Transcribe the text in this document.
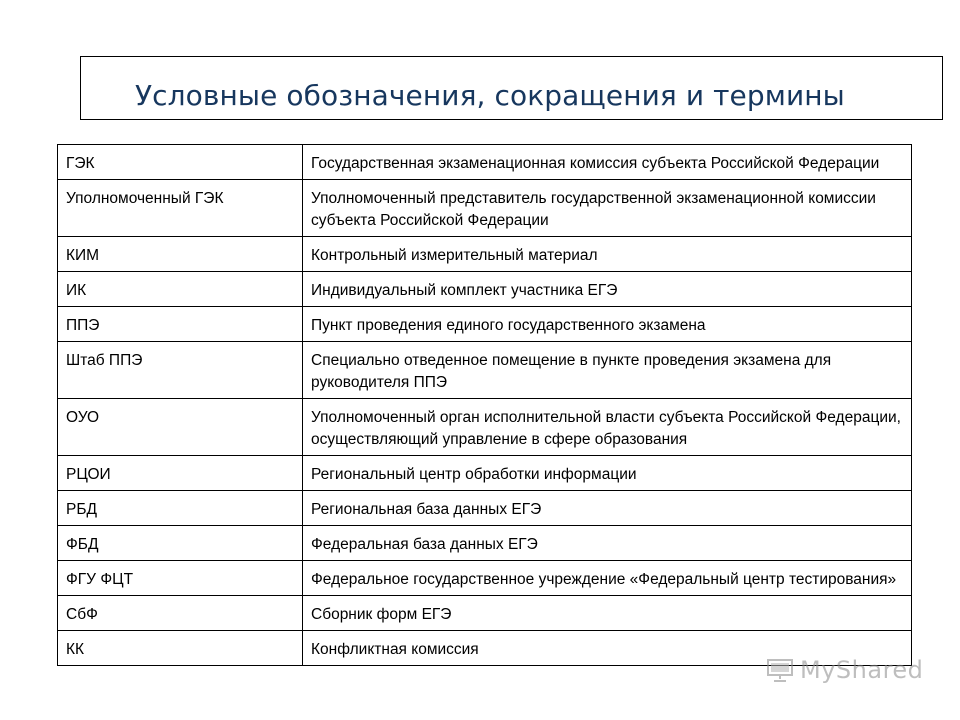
Условные обозначения, сокращения и термины
ГЭК	Государственная экзаменационная комиссия субъекта Российской Федерации
Уполномоченный ГЭК	Уполномоченный представитель государственной экзаменационной комиссии субъекта Российской Федерации
КИМ	Контрольный измерительный материал
ИК	Индивидуальный комплект участника ЕГЭ
ППЭ	Пункт проведения единого государственного экзамена
Штаб ППЭ	Специально отведенное помещение в пункте проведения экзамена для руководителя ППЭ
ОУО	Уполномоченный орган исполнительной власти субъекта Российской Федерации, осуществляющий управление в сфере образования
РЦОИ	Региональный центр обработки информации
РБД	Региональная база данных ЕГЭ
ФБД	Федеральная база данных ЕГЭ
ФГУ ФЦТ	Федеральное государственное учреждение «Федеральный центр тестирования»
СбФ	Сборник форм ЕГЭ
КК	Конфликтная комиссия
MyShared
